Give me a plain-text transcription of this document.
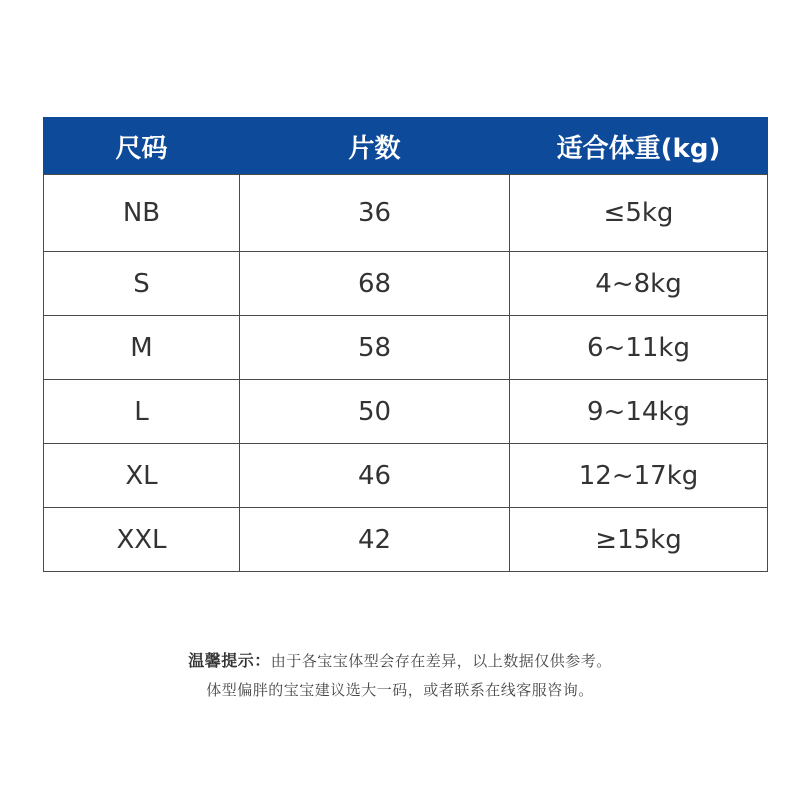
尺码	片数	适合体重(kg)
NB	36	≤5kg
S	68	4~8kg
M	58	6~11kg
L	50	9~14kg
XL	46	12~17kg
XXL	42	≥15kg
温馨提示：由于各宝宝体型会存在差异，以上数据仅供参考。
体型偏胖的宝宝建议选大一码，或者联系在线客服咨询。
